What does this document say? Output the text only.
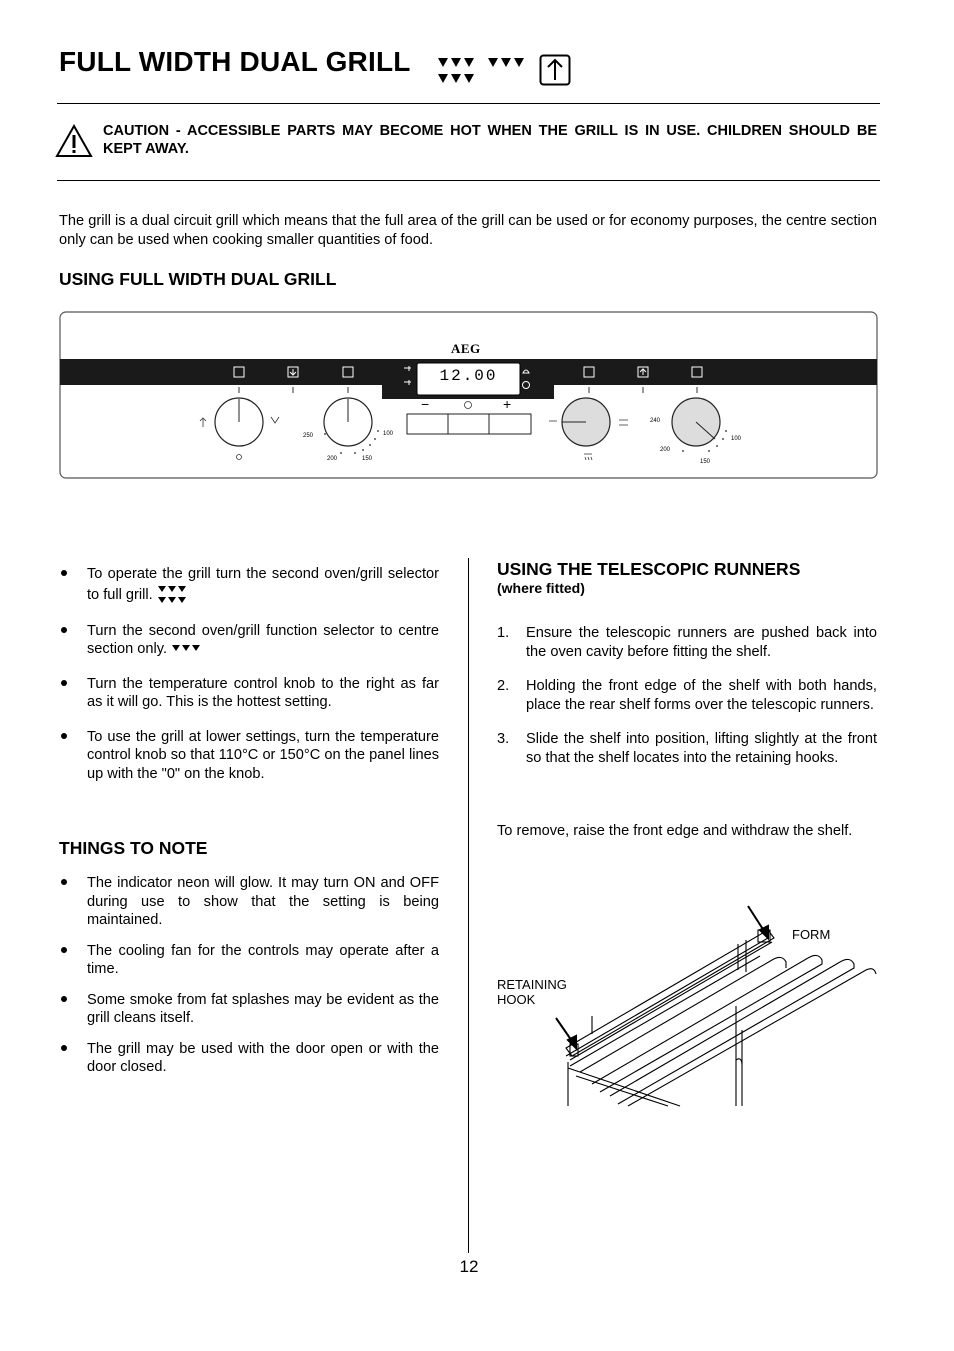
FULL WIDTH DUAL GRILL
CAUTION - ACCESSIBLE PARTS MAY BECOME HOT WHEN THE GRILL IS IN USE. CHILDREN SHOULD BE KEPT AWAY.
The grill is a dual circuit grill which means that the full area of the grill can be used or for economy purposes, the centre section only can be used when cooking smaller quantities of food.
USING FULL WIDTH DUAL GRILL
AEG
12.00
−	+
250
200	150
100
240
200
150
100
To operate the grill turn the second oven/grill selector to full grill.
Turn the second oven/grill function selector to centre section only.
Turn the temperature control knob to the right as far as it will go. This is the hottest setting.
To use the grill at lower settings, turn the temperature control knob so that 110°C or 150°C on the panel lines up with the "0" on the knob.
THINGS TO NOTE
The indicator neon will glow. It may turn ON and OFF during use to show that the setting is being maintained.
The cooling fan for the controls may operate after a time.
Some smoke from fat splashes may be evident as the grill cleans itself.
The grill may be used with the door open or with the door closed.
USING THE TELESCOPIC RUNNERS
(where fitted)
1. Ensure the telescopic runners are pushed back into the oven cavity before fitting the shelf.
2. Holding the front edge of the shelf with both hands, place the rear shelf forms over the telescopic runners.
3. Slide the shelf into position, lifting slightly at the front so that the shelf locates into the retaining hooks.
To remove, raise the front edge and withdraw the shelf.
FORM
RETAINING
HOOK
12
